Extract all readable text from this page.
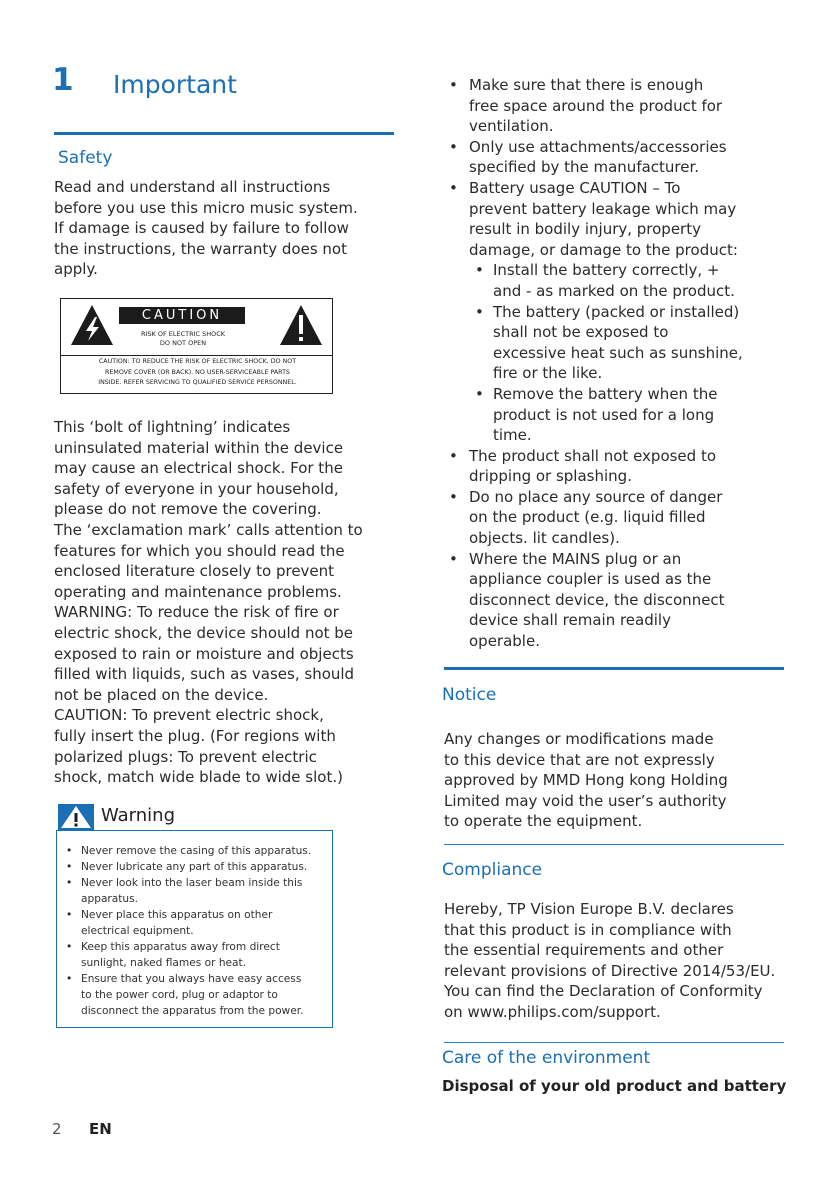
1 Important
Safety

Read and understand all instructions
before you use this micro music system.
If damage is caused by failure to follow
the instructions, the warranty does not
apply.

CAUTION
RISK OF ELECTRIC SHOCK
DO NOT OPEN
CAUTION: TO REDUCE THE RISK OF ELECTRIC SHOCK, DO NOT
REMOVE COVER (OR BACK). NO USER-SERVICEABLE PARTS
INSIDE. REFER SERVICING TO QUALIFIED SERVICE PERSONNEL.

This ‘bolt of lightning’ indicates
uninsulated material within the device
may cause an electrical shock. For the
safety of everyone in your household,
please do not remove the covering.
The ‘exclamation mark’ calls attention to
features for which you should read the
enclosed literature closely to prevent
operating and maintenance problems.
WARNING: To reduce the risk of fire or
electric shock, the device should not be
exposed to rain or moisture and objects
filled with liquids, such as vases, should
not be placed on the device.
CAUTION: To prevent electric shock,
fully insert the plug. (For regions with
polarized plugs: To prevent electric
shock, match wide blade to wide slot.)

Warning
• Never remove the casing of this apparatus.
• Never lubricate any part of this apparatus.
• Never look into the laser beam inside this
apparatus.
• Never place this apparatus on other
electrical equipment.
• Keep this apparatus away from direct
sunlight, naked flames or heat.
• Ensure that you always have easy access
to the power cord, plug or adaptor to
disconnect the apparatus from the power.
• Make sure that there is enough
free space around the product for
ventilation.
• Only use attachments/accessories
specified by the manufacturer.
• Battery usage CAUTION – To
prevent battery leakage which may
result in bodily injury, property
damage, or damage to the product:
• Install the battery correctly, +
and - as marked on the product.
• The battery (packed or installed)
shall not be exposed to
excessive heat such as sunshine,
fire or the like.
• Remove the battery when the
product is not used for a long
time.
• The product shall not exposed to
dripping or splashing.
• Do no place any source of danger
on the product (e.g. liquid filled
objects. lit candles).
• Where the MAINS plug or an
appliance coupler is used as the
disconnect device, the disconnect
device shall remain readily
operable.
Notice

Any changes or modifications made
to this device that are not expressly
approved by MMD Hong kong Holding
Limited may void the user’s authority
to operate the equipment.

Compliance

Hereby, TP Vision Europe B.V. declares
that this product is in compliance with
the essential requirements and other
relevant provisions of Directive 2014/53/EU.
You can find the Declaration of Conformity
on www.philips.com/support.

Care of the environment
Disposal of your old product and battery
2 EN
